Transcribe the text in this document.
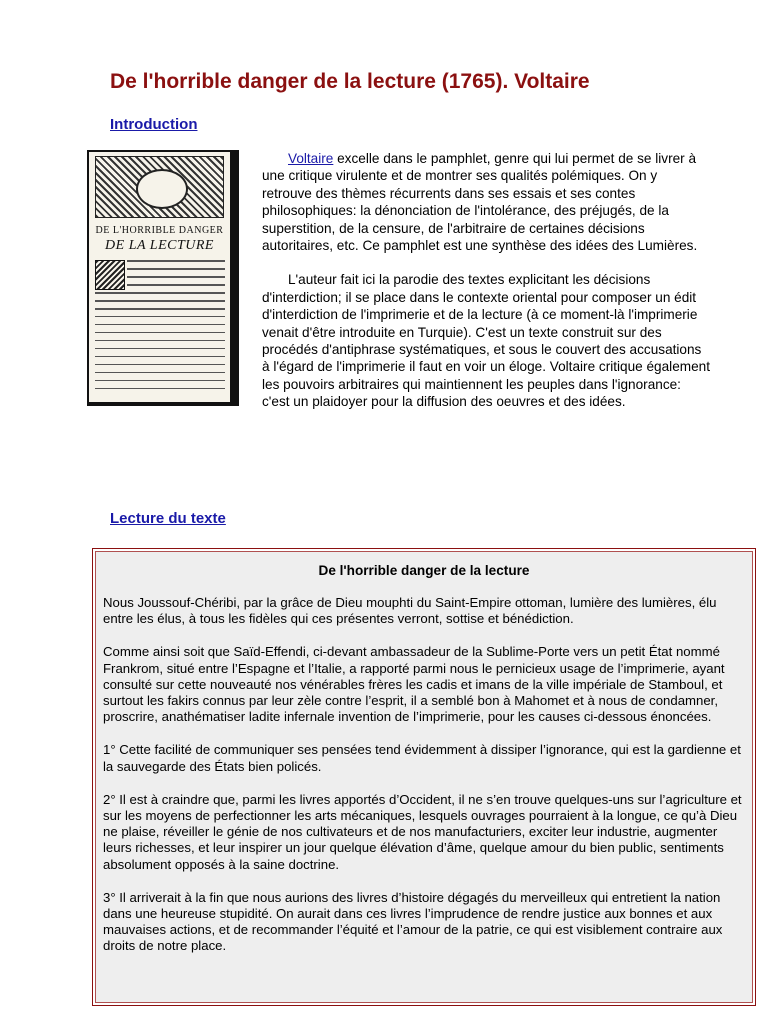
De l'horrible danger de la lecture (1765). Voltaire
Introduction
DE L'HORRIBLE DANGER
DE LA LECTURE

Voltaire excelle dans le pamphlet, genre qui lui permet de se livrer à une critique virulente et de montrer ses qualités polémiques. On y retrouve des thèmes récurrents dans ses essais et ses contes philosophiques: la dénonciation de l'intolérance, des préjugés, de la superstition, de la censure, de l'arbitraire de certaines décisions autoritaires, etc. Ce pamphlet est une synthèse des idées des Lumières.

L'auteur fait ici la parodie des textes explicitant les décisions d'interdiction; il se place dans le contexte oriental pour composer un édit d'interdiction de l'imprimerie et de la lecture (à ce moment-là l'imprimerie venait d'être introduite en Turquie). C'est un texte construit sur des procédés d'antiphrase systématiques, et sous le couvert des accusations à l'égard de l'imprimerie il faut en voir un éloge. Voltaire critique également les pouvoirs arbitraires qui maintiennent les peuples dans l'ignorance: c'est un plaidoyer pour la diffusion des oeuvres et des idées.

Lecture du texte

De l'horrible danger de la lecture

Nous Joussouf-Chéribi, par la grâce de Dieu mouphti du Saint-Empire ottoman, lumière des lumières, élu entre les élus, à tous les fidèles qui ces présentes verront, sottise et bénédiction.

Comme ainsi soit que Saïd-Effendi, ci-devant ambassadeur de la Sublime-Porte vers un petit État nommé Frankrom, situé entre l’Espagne et l’Italie, a rapporté parmi nous le pernicieux usage de l’imprimerie, ayant consulté sur cette nouveauté nos vénérables frères les cadis et imans de la ville impériale de Stamboul, et surtout les fakirs connus par leur zèle contre l’esprit, il a semblé bon à Mahomet et à nous de condamner, proscrire, anathématiser ladite infernale invention de l’imprimerie, pour les causes ci-dessous énoncées.

1° Cette facilité de communiquer ses pensées tend évidemment à dissiper l’ignorance, qui est la gardienne et la sauvegarde des États bien policés.

2° Il est à craindre que, parmi les livres apportés d’Occident, il ne s’en trouve quelques-uns sur l’agriculture et sur les moyens de perfectionner les arts mécaniques, lesquels ouvrages pourraient à la longue, ce qu’à Dieu ne plaise, réveiller le génie de nos cultivateurs et de nos manufacturiers, exciter leur industrie, augmenter leurs richesses, et leur inspirer un jour quelque élévation d’âme, quelque amour du bien public, sentiments absolument opposés à la saine doctrine.

3° Il arriverait à la fin que nous aurions des livres d’histoire dégagés du merveilleux qui entretient la nation dans une heureuse stupidité. On aurait dans ces livres l’imprudence de rendre justice aux bonnes et aux mauvaises actions, et de recommander l’équité et l’amour de la patrie, ce qui est visiblement contraire aux droits de notre place.
